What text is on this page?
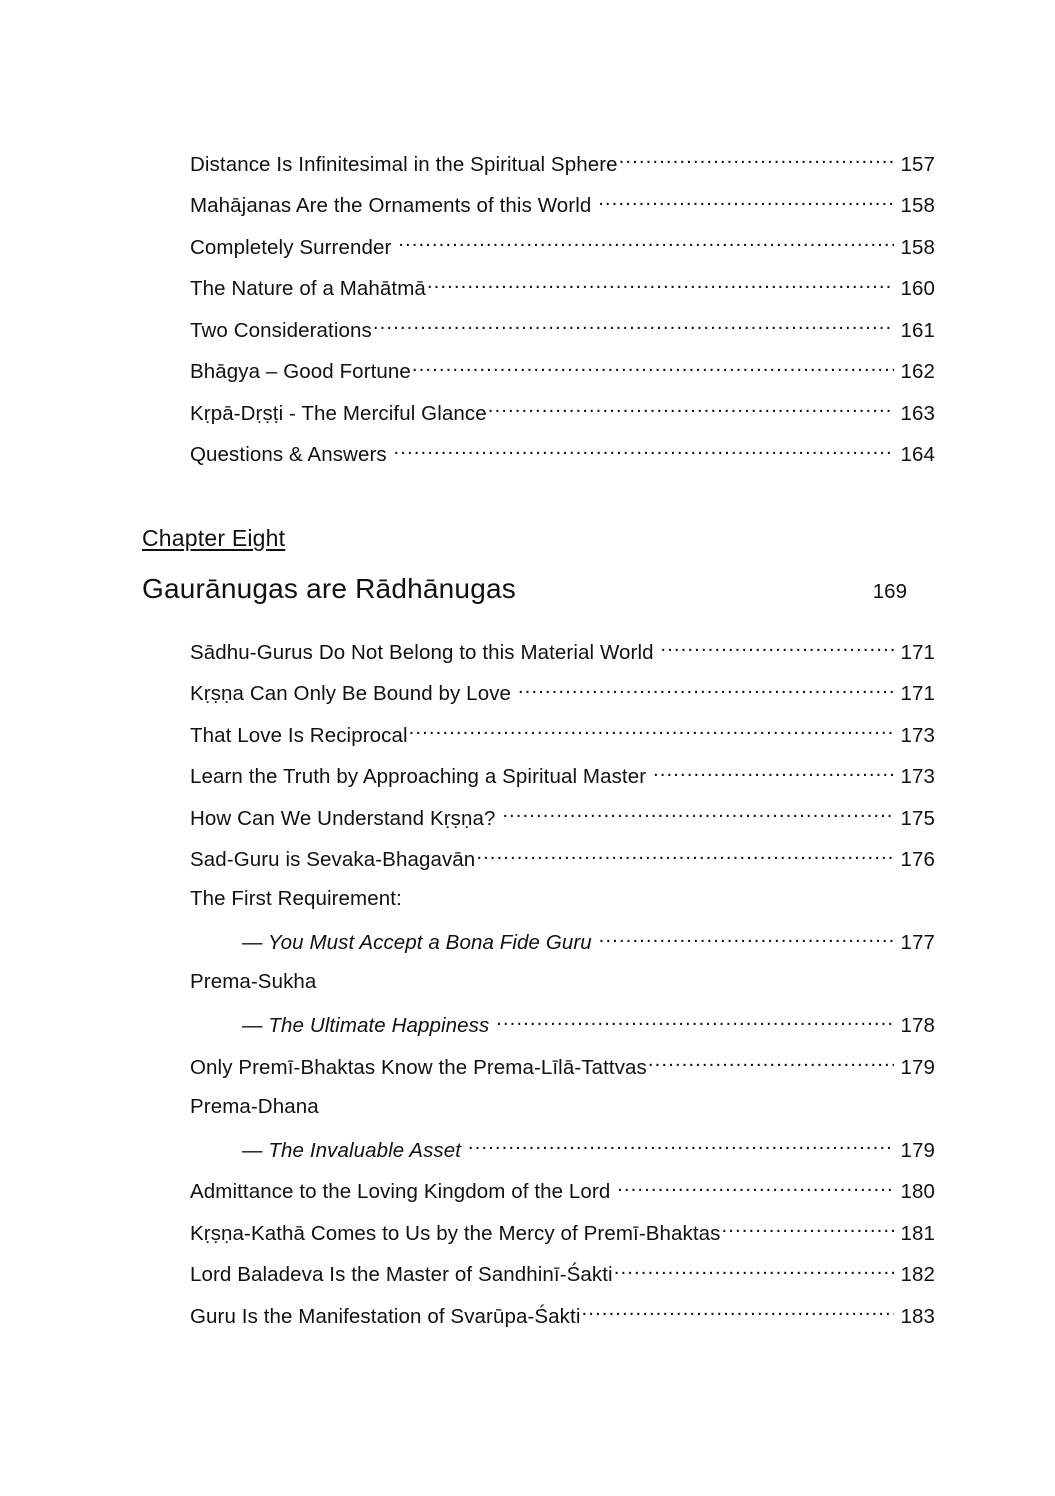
Distance Is Infinitesimal in the Spiritual Sphere .....	157
Mahājanas Are the Ornaments of this World .....	158
Completely Surrender .....	158
The Nature of a Mahātmā .....	160
Two Considerations .....	161
Bhāgya – Good Fortune .....	162
Kṛpā-Dṛṣṭi - The Merciful Glance .....	163
Questions & Answers .....	164
Chapter Eight
Gaurānugas are Rādhānugas	169
Sādhu-Gurus Do Not Belong to this Material World .....	171
Kṛṣṇa Can Only Be Bound by Love .....	171
That Love Is Reciprocal .....	173
Learn the Truth by Approaching a Spiritual Master .....	173
How Can We Understand Kṛṣṇa? .....	175
Sad-Guru is Sevaka-Bhagavān .....	176
The First Requirement:
— You Must Accept a Bona Fide Guru .....	177
Prema-Sukha
— The Ultimate Happiness .....	178
Only Premī-Bhaktas Know the Prema-Līlā-Tattvas .....	179
Prema-Dhana
— The Invaluable Asset .....	179
Admittance to the Loving Kingdom of the Lord .....	180
Kṛṣṇa-Kathā Comes to Us by the Mercy of Premī-Bhaktas .....	181
Lord Baladeva Is the Master of Sandhinī-Śakti .....	182
Guru Is the Manifestation of Svarūpa-Śakti .....	183
